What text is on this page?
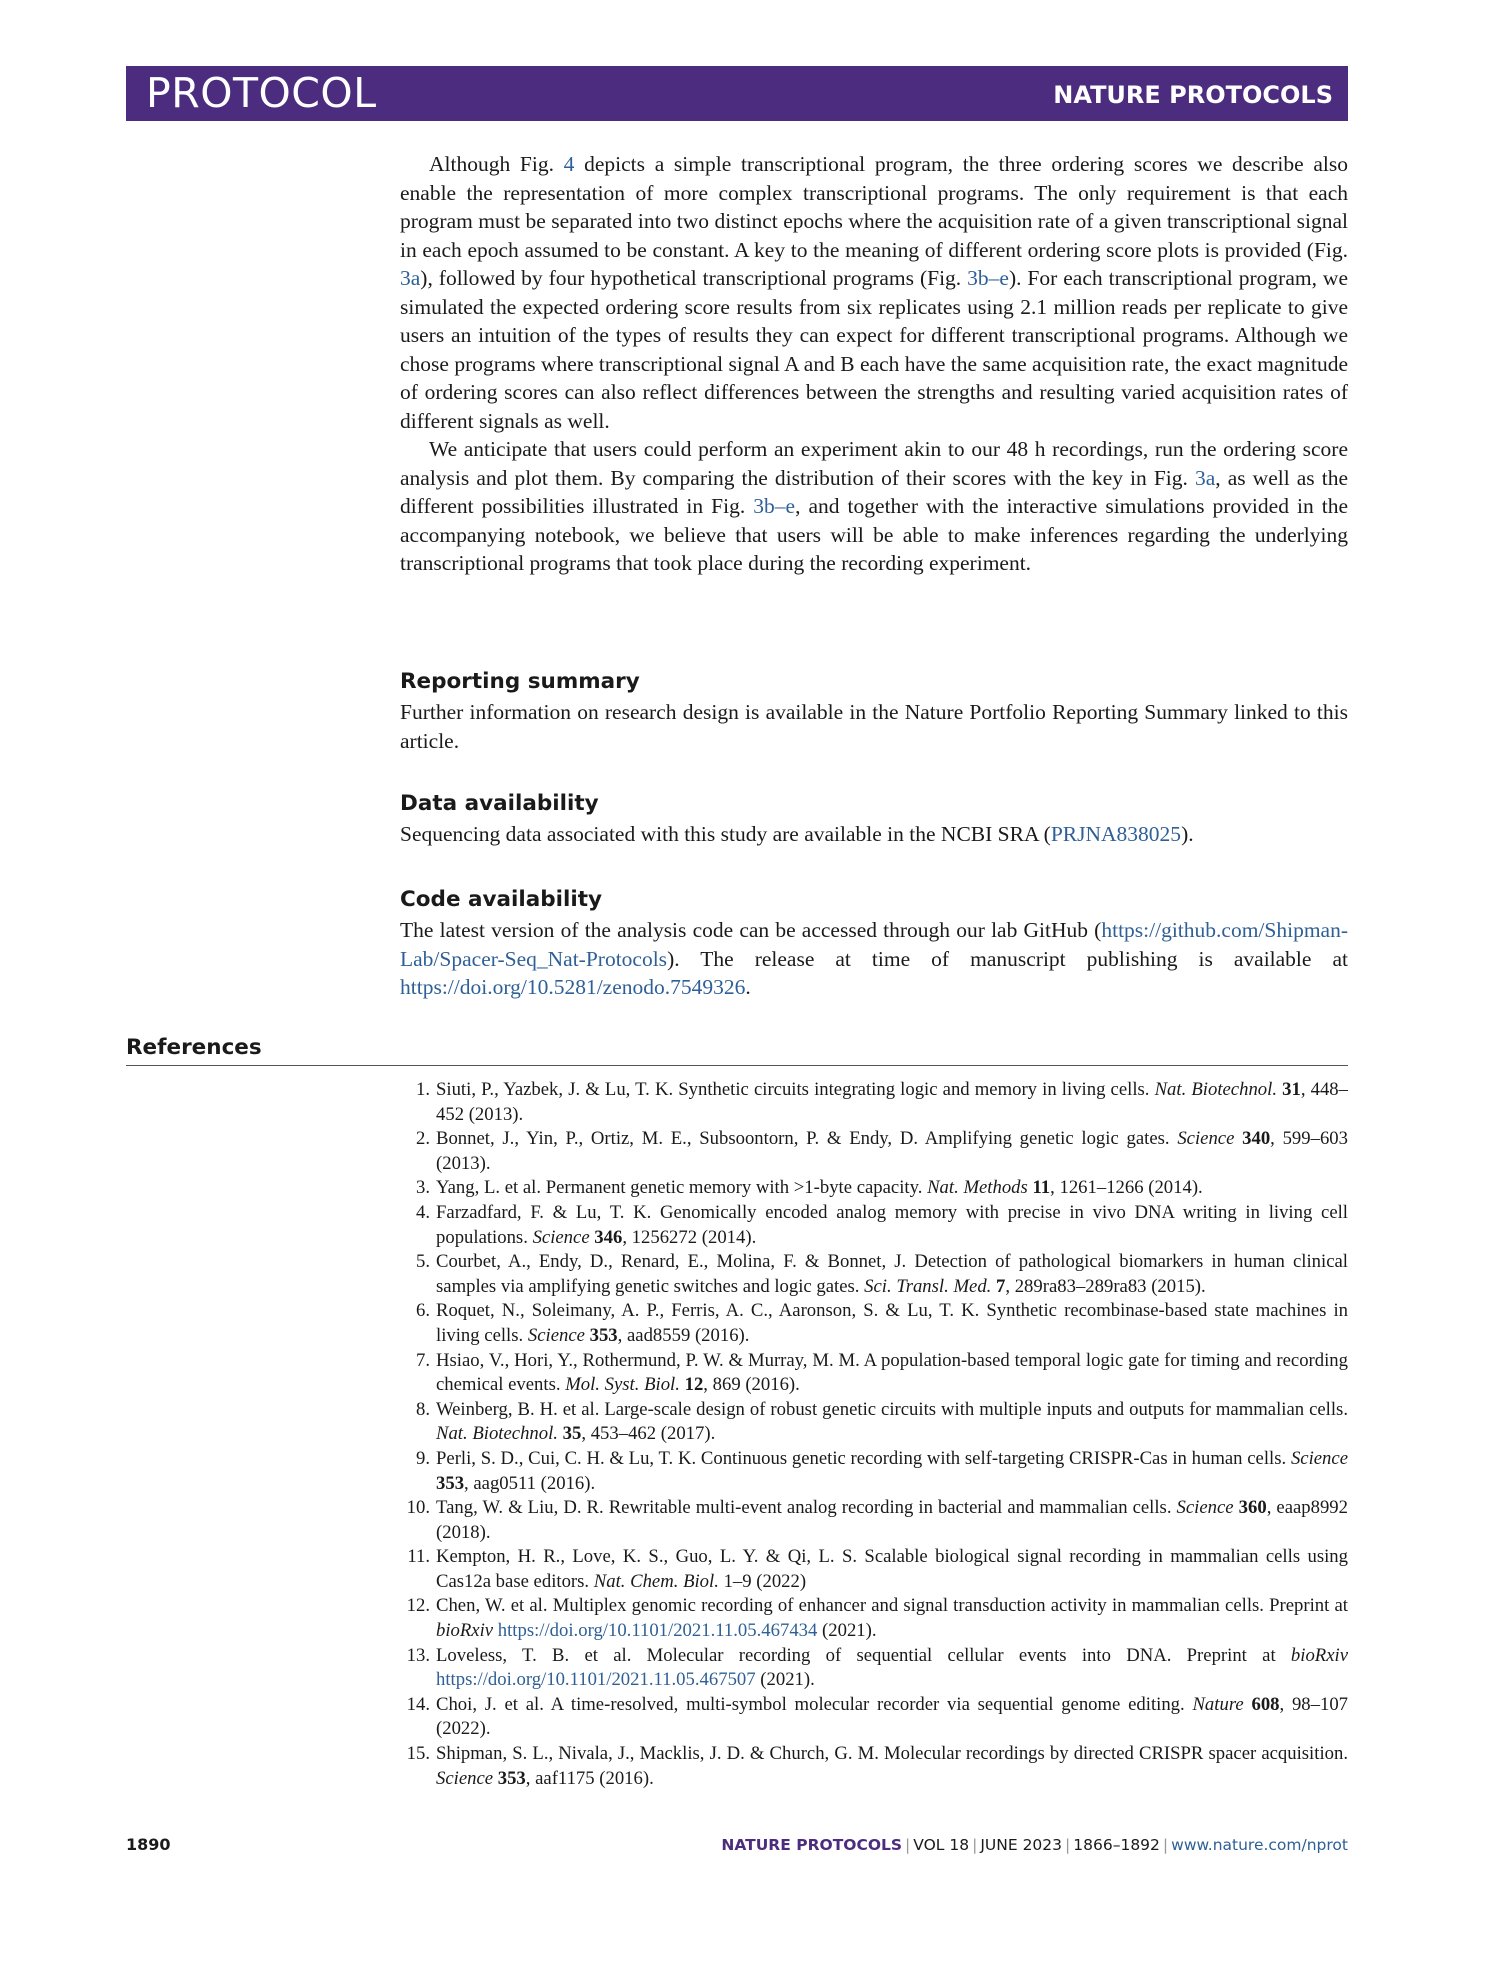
PROTOCOL	NATURE PROTOCOLS

Although Fig. 4 depicts a simple transcriptional program, the three ordering scores we describe also enable the representation of more complex transcriptional programs. The only requirement is that each program must be separated into two distinct epochs where the acquisition rate of a given transcriptional signal in each epoch assumed to be constant. A key to the meaning of different ordering score plots is provided (Fig. 3a), followed by four hypothetical transcriptional programs (Fig. 3b–e). For each transcriptional program, we simulated the expected ordering score results from six replicates using 2.1 million reads per replicate to give users an intuition of the types of results they can expect for different transcriptional programs. Although we chose programs where transcriptional signal A and B each have the same acquisition rate, the exact magnitude of ordering scores can also reflect differences between the strengths and resulting varied acquisition rates of different signals as well.

We anticipate that users could perform an experiment akin to our 48 h recordings, run the ordering score analysis and plot them. By comparing the distribution of their scores with the key in Fig. 3a, as well as the different possibilities illustrated in Fig. 3b–e, and together with the interactive simulations provided in the accompanying notebook, we believe that users will be able to make inferences regarding the underlying transcriptional programs that took place during the recording experiment.

Reporting summary
Further information on research design is available in the Nature Portfolio Reporting Summary linked to this article.
Data availability
Sequencing data associated with this study are available in the NCBI SRA (PRJNA838025).
Code availability
The latest version of the analysis code can be accessed through our lab GitHub (https://github.com/Shipman-Lab/Spacer-Seq_Nat-Protocols). The release at time of manuscript publishing is available at https://doi.org/10.5281/zenodo.7549326.
References
1. Siuti, P., Yazbek, J. & Lu, T. K. Synthetic circuits integrating logic and memory in living cells. Nat. Biotechnol. 31, 448–452 (2013).
2. Bonnet, J., Yin, P., Ortiz, M. E., Subsoontorn, P. & Endy, D. Amplifying genetic logic gates. Science 340, 599–603 (2013).
3. Yang, L. et al. Permanent genetic memory with >1-byte capacity. Nat. Methods 11, 1261–1266 (2014).
4. Farzadfard, F. & Lu, T. K. Genomically encoded analog memory with precise in vivo DNA writing in living cell populations. Science 346, 1256272 (2014).
5. Courbet, A., Endy, D., Renard, E., Molina, F. & Bonnet, J. Detection of pathological biomarkers in human clinical samples via amplifying genetic switches and logic gates. Sci. Transl. Med. 7, 289ra83–289ra83 (2015).
6. Roquet, N., Soleimany, A. P., Ferris, A. C., Aaronson, S. & Lu, T. K. Synthetic recombinase-based state machines in living cells. Science 353, aad8559 (2016).
7. Hsiao, V., Hori, Y., Rothermund, P. W. & Murray, M. M. A population-based temporal logic gate for timing and recording chemical events. Mol. Syst. Biol. 12, 869 (2016).
8. Weinberg, B. H. et al. Large-scale design of robust genetic circuits with multiple inputs and outputs for mammalian cells. Nat. Biotechnol. 35, 453–462 (2017).
9. Perli, S. D., Cui, C. H. & Lu, T. K. Continuous genetic recording with self-targeting CRISPR-Cas in human cells. Science 353, aag0511 (2016).
10. Tang, W. & Liu, D. R. Rewritable multi-event analog recording in bacterial and mammalian cells. Science 360, eaap8992 (2018).
11. Kempton, H. R., Love, K. S., Guo, L. Y. & Qi, L. S. Scalable biological signal recording in mammalian cells using Cas12a base editors. Nat. Chem. Biol. 1–9 (2022)
12. Chen, W. et al. Multiplex genomic recording of enhancer and signal transduction activity in mammalian cells. Preprint at bioRxiv https://doi.org/10.1101/2021.11.05.467434 (2021).
13. Loveless, T. B. et al. Molecular recording of sequential cellular events into DNA. Preprint at bioRxiv https://doi.org/10.1101/2021.11.05.467507 (2021).
14. Choi, J. et al. A time-resolved, multi-symbol molecular recorder via sequential genome editing. Nature 608, 98–107 (2022).
15. Shipman, S. L., Nivala, J., Macklis, J. D. & Church, G. M. Molecular recordings by directed CRISPR spacer acquisition. Science 353, aaf1175 (2016).
1890	NATURE PROTOCOLS | VOL 18 | JUNE 2023 | 1866–1892 | www.nature.com/nprot
